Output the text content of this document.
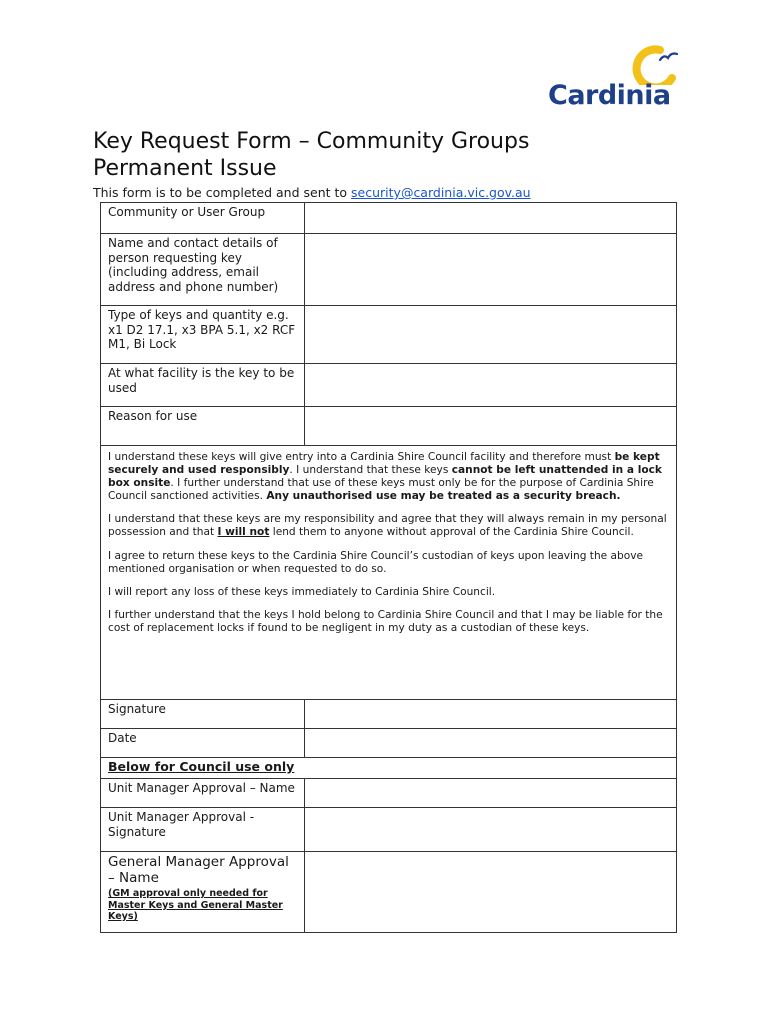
Cardinia
Key Request Form – Community Groups
Permanent Issue
This form is to be completed and sent to security@cardinia.vic.gov.au
Community or User Group	
Name and contact details of person requesting key (including address, email address and phone number)	
Type of keys and quantity e.g. x1 D2 17.1, x3 BPA 5.1, x2 RCF M1, Bi Lock	
At what facility is the key to be used	
Reason for use	

I understand these keys will give entry into a Cardinia Shire Council facility and therefore must be kept securely and used responsibly. I understand that these keys cannot be left unattended in a lock box onsite. I further understand that use of these keys must only be for the purpose of Cardinia Shire Council sanctioned activities. Any unauthorised use may be treated as a security breach.

I understand that these keys are my responsibility and agree that they will always remain in my personal possession and that I will not lend them to anyone without approval of the Cardinia Shire Council.

I agree to return these keys to the Cardinia Shire Council’s custodian of keys upon leaving the above mentioned organisation or when requested to do so.

I will report any loss of these keys immediately to Cardinia Shire Council.

I further understand that the keys I hold belong to Cardinia Shire Council and that I may be liable for the cost of replacement locks if found to be negligent in my duty as a custodian of these keys.	

Signature	
Date	
Below for Council use only	
Unit Manager Approval – Name	
Unit Manager Approval - Signature	

General Manager Approval – Name
(GM approval only needed for Master Keys and General Master Keys)	
